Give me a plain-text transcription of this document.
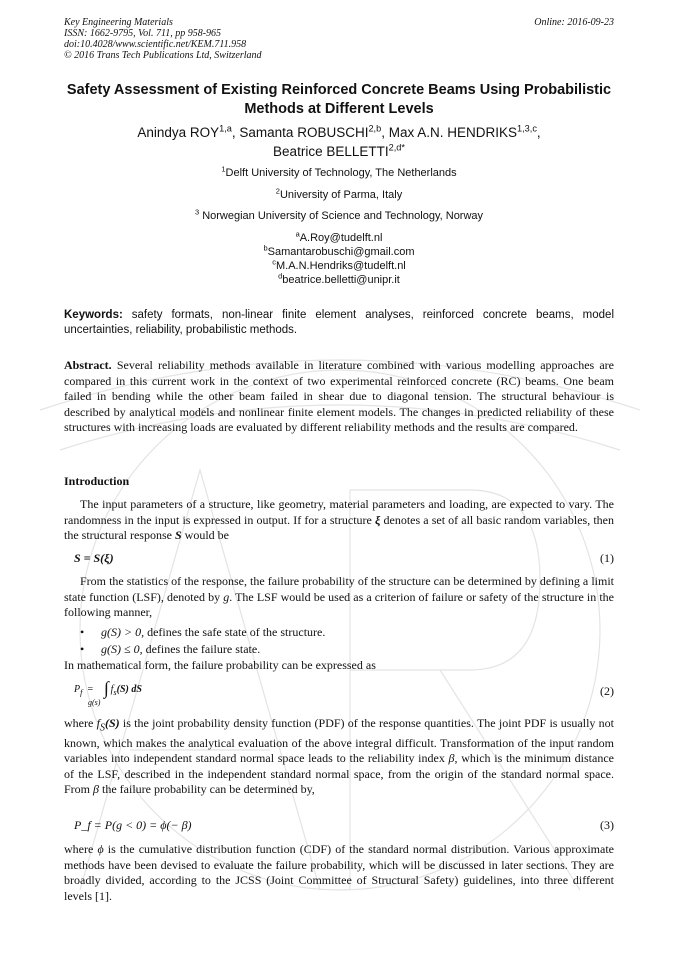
Key Engineering Materials
ISSN: 1662-9795, Vol. 711, pp 958-965
doi:10.4028/www.scientific.net/KEM.711.958
© 2016 Trans Tech Publications Ltd, Switzerland
Online: 2016-09-23
Safety Assessment of Existing Reinforced Concrete Beams Using Probabilistic Methods at Different Levels
Anindya ROY$^{1,a}$, Samanta ROBUSCHI$^{2,b}$, Max A.N. HENDRIKS$^{1,3,c}$,
Beatrice $BELLETTI^{2,d*}$
$^1$Delft University of Technology, The Netherlands
$^2$University of Parma, Italy
$^3$ Norwegian University of Science and Technology, Norway
$^a$A.Roy@tudelft.nl
$^b$Samantarobuschi@gmail.com
$^c$M.A.N.Hendriks@tudelft.nl
$^d$beatrice.belletti@unipr.it
Keywords: safety formats, non-linear finite element analyses, reinforced concrete beams, model uncertainties, reliability, probabilistic methods.
Abstract. Several reliability methods available in literature combined with various modelling approaches are compared in this current work in the context of two experimental reinforced concrete (RC) beams. One beam failed in bending while the other beam failed in shear due to diagonal tension. The structural behaviour is described by analytical models and nonlinear finite element models. The changes in predicted reliability of these structures with increasing loads are evaluated by different reliability methods and the results are compared.
Introduction
The input parameters of a structure, like geometry, material parameters and loading, are expected to vary. The randomness in the input is expressed in output. If for a structure ξ denotes a set of all basic random variables, then the structural response S would be
S = S(ξ)	(1)
From the statistics of the response, the failure probability of the structure can be determined by defining a limit state function (LSF), denoted by g. The LSF would be used as a criterion of failure or safety of the structure in the following manner,
• g(S) > 0, defines the safe state of the structure.
• g(S) ≤ 0, defines the failure state.
In mathematical form, the failure probability can be expressed as
$P_f = f_s(S)$ dS
∫
g(s)
(2)
where $f_S(S)$ is the joint probability density function (PDF) of the response quantities. The joint PDF is usually not known, which makes the analytical evaluation of the above integral difficult. Transformation of the input random variables into independent standard normal space leads to the reliability index β, which is the minimum distance of the LSF, described in the independent standard normal space, from the origin of the standard normal space. From β the failure probability can be determined by,
P_f = P(g < 0) = ϕ(− β)	(3)
where ϕ is the cumulative distribution function (CDF) of the standard normal distribution. Various approximate methods have been devised to evaluate the failure probability, which will be discussed in later sections. They are broadly divided, according to the JCSS (Joint Committee of Structural Safety) guidelines, into three different levels [1].
